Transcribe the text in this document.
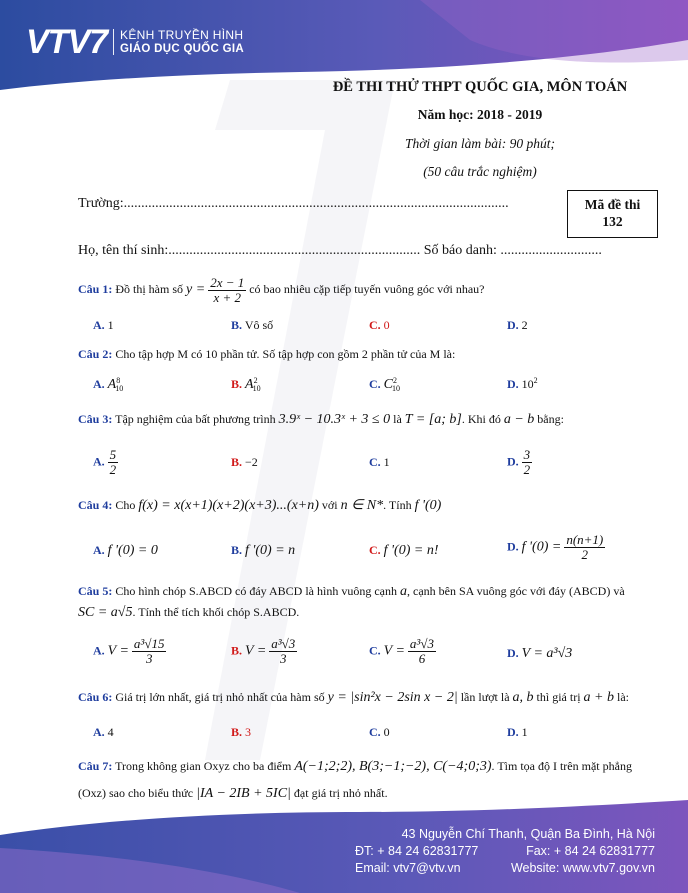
VTV7 KÊNH TRUYỀN HÌNH
GIÁO DỤC QUỐC GIA
ĐỀ THI THỬ THPT QUỐC GIA, MÔN TOÁN
Năm học: 2018 - 2019
Thời gian làm bài: 90 phút;
(50 câu trắc nghiệm)
Trường:..............................................................................................................	Mã đề thi
132
Họ, tên thí sinh:........................................................................ Số báo danh: .............................
Câu 1: Đồ thị hàm số $y = \frac{2x - 1}{x + 2}$ có bao nhiêu cặp tiếp tuyến vuông góc với nhau?
A. 1	B. Vô số	C. 0	D. 2
Câu 2: Cho tập hợp M có 10 phần tử. Số tập hợp con gồm 2 phần tử của M là:
A. $A^8_{10}$	B. $A^2_{10}$	C. $C^2_{10}$	D. $10^2$
Câu 3: Tập nghiệm của bất phương trình 3.9ˣ − 10.3ˣ + 3 ≤ 0 là T = [a; b]. Khi đó a − b bằng:
A. $\frac{5}{2}$	B. −2	C. 1	D. $\frac{3}{2}$
Câu 4: Cho f(x) = x(x+1)(x+2)(x+3)...(x+n) với n ∈ N*. Tính f '(0)
A. f '(0) = 0	B. f '(0) = n	C. f '(0) = n!	D. f '$(0) = \frac{n(n+1)}{2}$
Câu 5: Cho hình chóp S.ABCD có đáy ABCD là hình vuông cạnh a, cạnh bên SA vuông góc với đáy (ABCD) và
SC = a√5. Tính thể tích khối chóp S.ABCD.
A. $V = \frac{\text{a³√15}}{3}$	B. $V = \frac{\text{a³√3}}{3}$	C. $V = \frac{\text{a³√3}}{6}$	D. V = a³√3
Câu 6: Giá trị lớn nhất, giá trị nhỏ nhất của hàm số y = |sin²x − 2sin x − 2| lần lượt là a, b thì giá trị a + b là:
A. 4	B. 3	C. 0	D. 1
Câu 7: Trong không gian Oxyz cho ba điểm A(−1;2;2), B(3;−1;−2), C(−4;0;3). Tìm tọa độ I trên mặt phẳng
(Oxz) sao cho biểu thức |IA − 2IB + 5IC| đạt giá trị nhỏ nhất.
43 Nguyễn Chí Thanh, Quận Ba Đình, Hà Nội
ĐT: + 84 24 62831777	Fax: + 84 24 62831777
Email: vtv7@vtv.vn	Website: www.vtv7.gov.vn
